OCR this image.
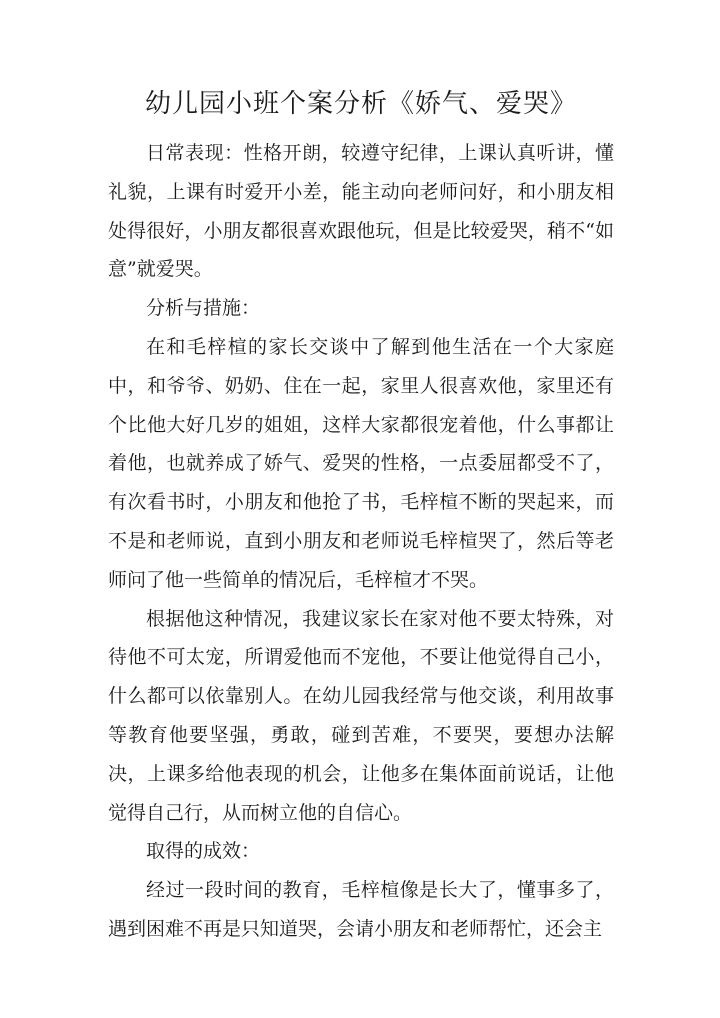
幼儿园小班个案分析《娇气、爱哭》

日常表现：性格开朗，较遵守纪律，上课认真听讲，懂礼貌，上课有时爱开小差，能主动向老师问好，和小朋友相处得很好，小朋友都很喜欢跟他玩，但是比较爱哭，稍不“如意”就爱哭。

分析与措施：

在和毛梓楦的家长交谈中了解到他生活在一个大家庭中，和爷爷、奶奶、住在一起，家里人很喜欢他，家里还有个比他大好几岁的姐姐，这样大家都很宠着他，什么事都让着他，也就养成了娇气、爱哭的性格，一点委屈都受不了，有次看书时，小朋友和他抢了书，毛梓楦不断的哭起来，而不是和老师说，直到小朋友和老师说毛梓楦哭了，然后等老师问了他一些简单的情况后，毛梓楦才不哭。

根据他这种情况，我建议家长在家对他不要太特殊，对待他不可太宠，所谓爱他而不宠他，不要让他觉得自己小，什么都可以依靠别人。在幼儿园我经常与他交谈，利用故事等教育他要坚强，勇敢，碰到苦难，不要哭，要想办法解决，上课多给他表现的机会，让他多在集体面前说话，让他觉得自己行，从而树立他的自信心。

取得的成效：

经过一段时间的教育，毛梓楦像是长大了，懂事多了，遇到困难不再是只知道哭，会请小朋友和老师帮忙，还会主
